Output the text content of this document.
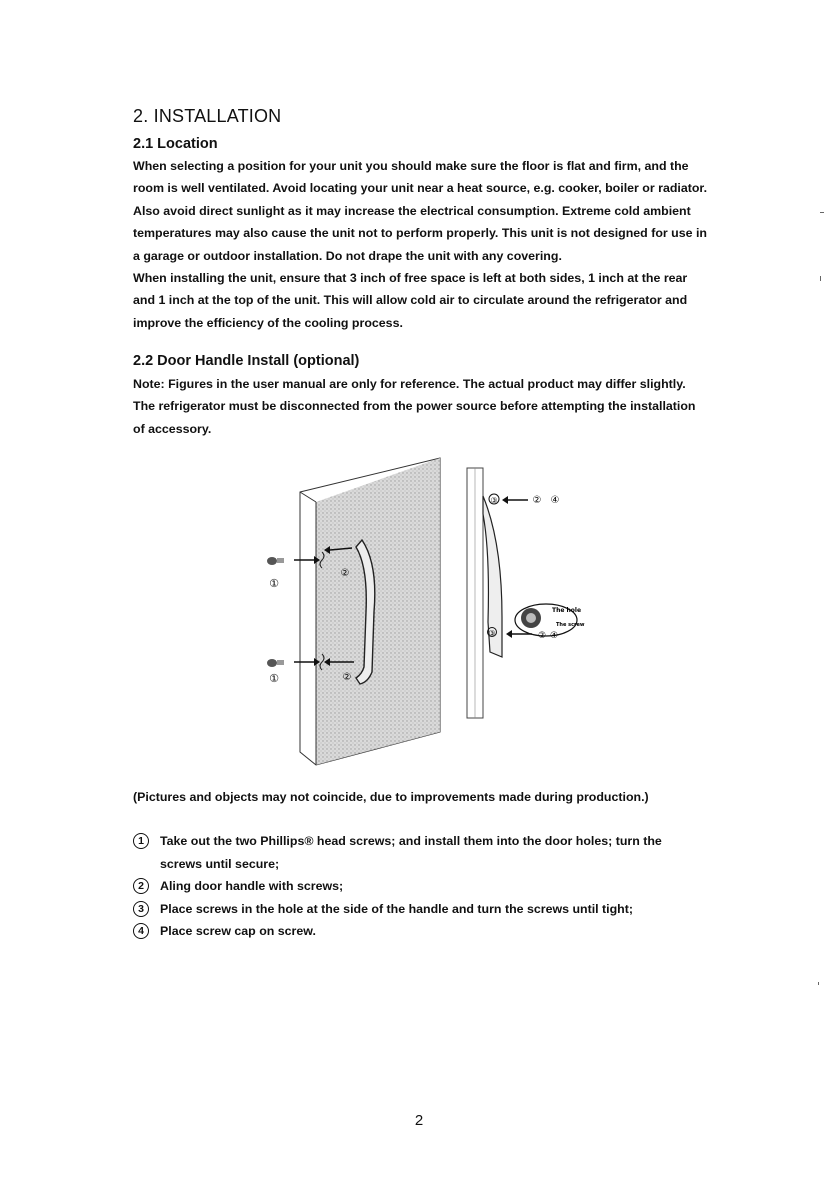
2. INSTALLATION
2.1 Location
When selecting a position for your unit you should make sure the floor is flat and firm, and the
room is well ventilated. Avoid locating your unit near a heat source, e.g. cooker, boiler or radiator.
Also avoid direct sunlight as it may increase the electrical consumption. Extreme cold ambient
temperatures may also cause the unit not to perform properly. This unit is not designed for use in
a garage or outdoor installation. Do not drape the unit with any covering.
When installing the unit, ensure that 3 inch of free space is left at both sides, 1 inch at the rear
and 1 inch at the top of the unit. This will allow cold air to circulate around the refrigerator and
improve the efficiency of the cooling process.
2.2 Door Handle Install (optional)
Note: Figures in the user manual are only for reference. The actual product may differ slightly.
The refrigerator must be disconnected from the power source before attempting the installation
of accessory.
①
②
①	②
③	② ④
③
The hole
The screw
② ④

(Pictures and objects may not coincide, due to improvements made during production.)

1	Take out the two Phillips® head screws; and install them into the door holes; turn the
screws until secure;
2	Aling door handle with screws;
3	Place screws in the hole at the side of the handle and turn the screws until tight;
4	Place screw cap on screw.
2
